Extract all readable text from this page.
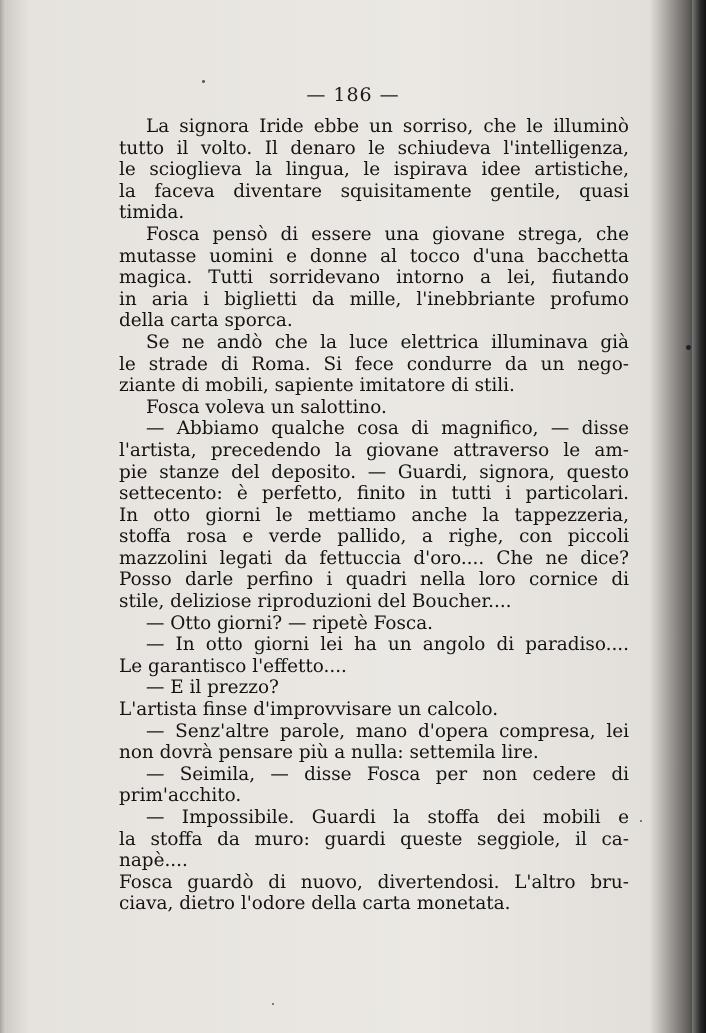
— 186 —
La signora Iride ebbe un sorriso, che le illuminò
tutto il volto. Il denaro le schiudeva l'intelligenza,
le scioglieva la lingua, le ispirava idee artistiche,
la faceva diventare squisitamente gentile, quasi
timida.
Fosca pensò di essere una giovane strega, che
mutasse uomini e donne al tocco d'una bacchetta
magica. Tutti sorridevano intorno a lei, fiutando
in aria i biglietti da mille, l'inebbriante profumo
della carta sporca.
Se ne andò che la luce elettrica illuminava già
le strade di Roma. Si fece condurre da un nego-
ziante di mobili, sapiente imitatore di stili.
Fosca voleva un salottino.
— Abbiamo qualche cosa di magnifico, — disse
l'artista, precedendo la giovane attraverso le am-
pie stanze del deposito. — Guardi, signora, questo
settecento: è perfetto, finito in tutti i particolari.
In otto giorni le mettiamo anche la tappezzeria,
stoffa rosa e verde pallido, a righe, con piccoli
mazzolini legati da fettuccia d'oro.... Che ne dice?
Posso darle perfino i quadri nella loro cornice di
stile, deliziose riproduzioni del Boucher....
— Otto giorni? — ripetè Fosca.
— In otto giorni lei ha un angolo di paradiso....
Le garantisco l'effetto....
— E il prezzo?
L'artista finse d'improvvisare un calcolo.
— Senz'altre parole, mano d'opera compresa, lei
non dovrà pensare più a nulla: settemila lire.
— Seimila, — disse Fosca per non cedere di
prim'acchito.
— Impossibile. Guardi la stoffa dei mobili e
la stoffa da muro: guardi queste seggiole, il ca-
napè....
Fosca guardò di nuovo, divertendosi. L'altro bru-
ciava, dietro l'odore della carta monetata.
